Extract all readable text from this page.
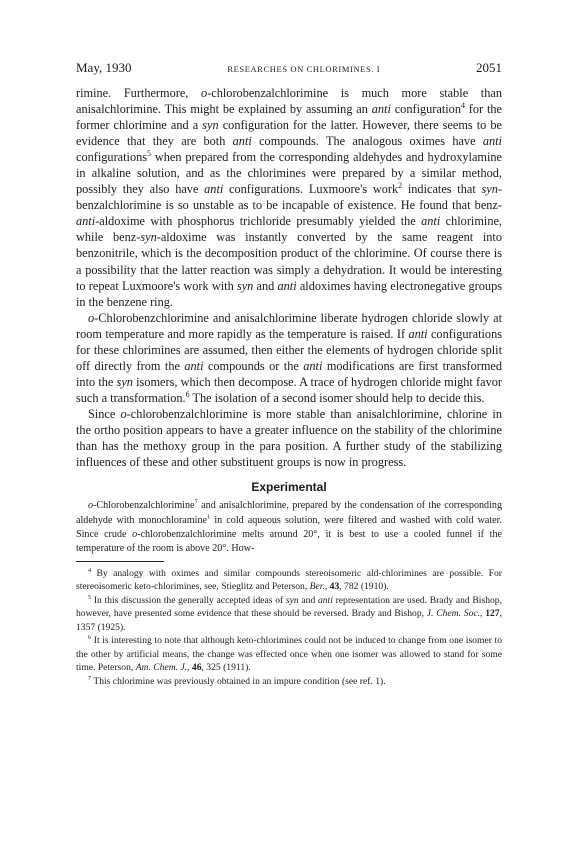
May, 1930	RESEARCHES ON CHLORIMINES. I	2051

rimine. Furthermore, o-chlorobenzalchlorimine is much more stable than anisalchlorimine. This might be explained by assuming an anti configuration$^4$ for the former chlorimine and a syn configuration for the latter. However, there seems to be evidence that they are both anti compounds. The analogous oximes have anti configurations$^5$ when prepared from the corresponding aldehydes and hydroxylamine in alkaline solution, and as the chlorimines were prepared by a similar method, possibly they also have anti configurations. Luxmoore's work$^2$ indicates that syn-benzalchlorimine is so unstable as to be incapable of existence. He found that benz-anti-aldoxime with phosphorus trichloride presumably yielded the anti chlorimine, while benz-syn-aldoxime was instantly converted by the same reagent into benzonitrile, which is the decomposition product of the chlorimine. Of course there is a possibility that the latter reaction was simply a dehydration. It would be interesting to repeat Luxmoore's work with syn and anti aldoximes having electronegative groups in the benzene ring.

o-Chlorobenzchlorimine and anisalchlorimine liberate hydrogen chloride slowly at room temperature and more rapidly as the temperature is raised. If anti configurations for these chlorimines are assumed, then either the elements of hydrogen chloride split off directly from the anti compounds or the anti modifications are first transformed into the syn isomers, which then decompose. A trace of hydrogen chloride might favor such a transformation.$^6$ The isolation of a second isomer should help to decide this.

Since o-chlorobenzalchlorimine is more stable than anisalchlorimine, chlorine in the ortho position appears to have a greater influence on the stability of the chlorimine than has the methoxy group in the para position. A further study of the stabilizing influences of these and other substituent groups is now in progress.

Experimental

o-Chlorobenzalchlorimine$^7$ and anisalchlorimine, prepared by the condensation of the corresponding aldehyde with monochloramine$^1$ in cold aqueous solution, were filtered and washed with cold water. Since crude o-chlorobenzalchlorimine melts around 20°, it is best to use a cooled funnel if the temperature of the room is above 20°. How-

$^4$ By analogy with oximes and similar compounds stereoisomeric ald-chlorimines are possible. For stereoisomeric keto-chlorimines, see, Stieglitz and Peterson, Ber., 43, 782 (1910).

$^5$ In this discussion the generally accepted ideas of syn and anti representation are used. Brady and Bishop, however, have presented some evidence that these should be reversed. Brady and Bishop, J. Chem. Soc., 127, 1357 (1925).

$^6$ It is interesting to note that although keto-chlorimines could not be induced to change from one isomer to the other by artificial means, the change was effected once when one isomer was allowed to stand for some time. Peterson, Am. Chem. J., 46, 325 (1911).

$^7$ This chlorimine was previously obtained in an impure condition (see ref. 1).
